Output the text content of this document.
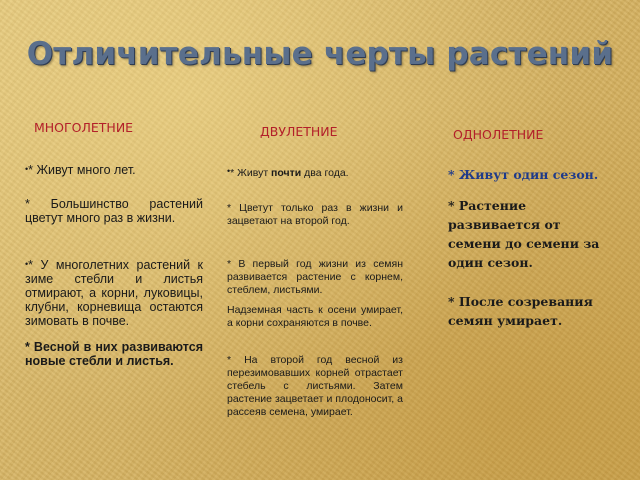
Отличительные черты растений
МНОГОЛЕТНИЕ	ДВУЛЕТНИЕ	ОДНОЛЕТНИЕ

•* Живут много лет.

* Большинство растений цветут много раз в жизни.

•* У многолетних растений к зиме стебли и листья отмирают, а корни, луковицы, клубни, корневища остаются зимовать в почве.

* Весной в них развиваются новые стебли и листья.

•* Живут почти два года.

* Цветут только раз в жизни и зацветают на второй год.

* В первый год жизни из семян развивается растение с корнем, стеблем, листьями.

Надземная часть к осени умирает, а корни сохраняются в почве.

* На второй год весной из перезимовавших корней отрастает стебель с листьями. Затем растение зацветает и плодоносит, а рассеяв семена, умирает.

* Живут один сезон.

* Растение развивается от семени до семени за один сезон.

* После созревания семян умирает.
